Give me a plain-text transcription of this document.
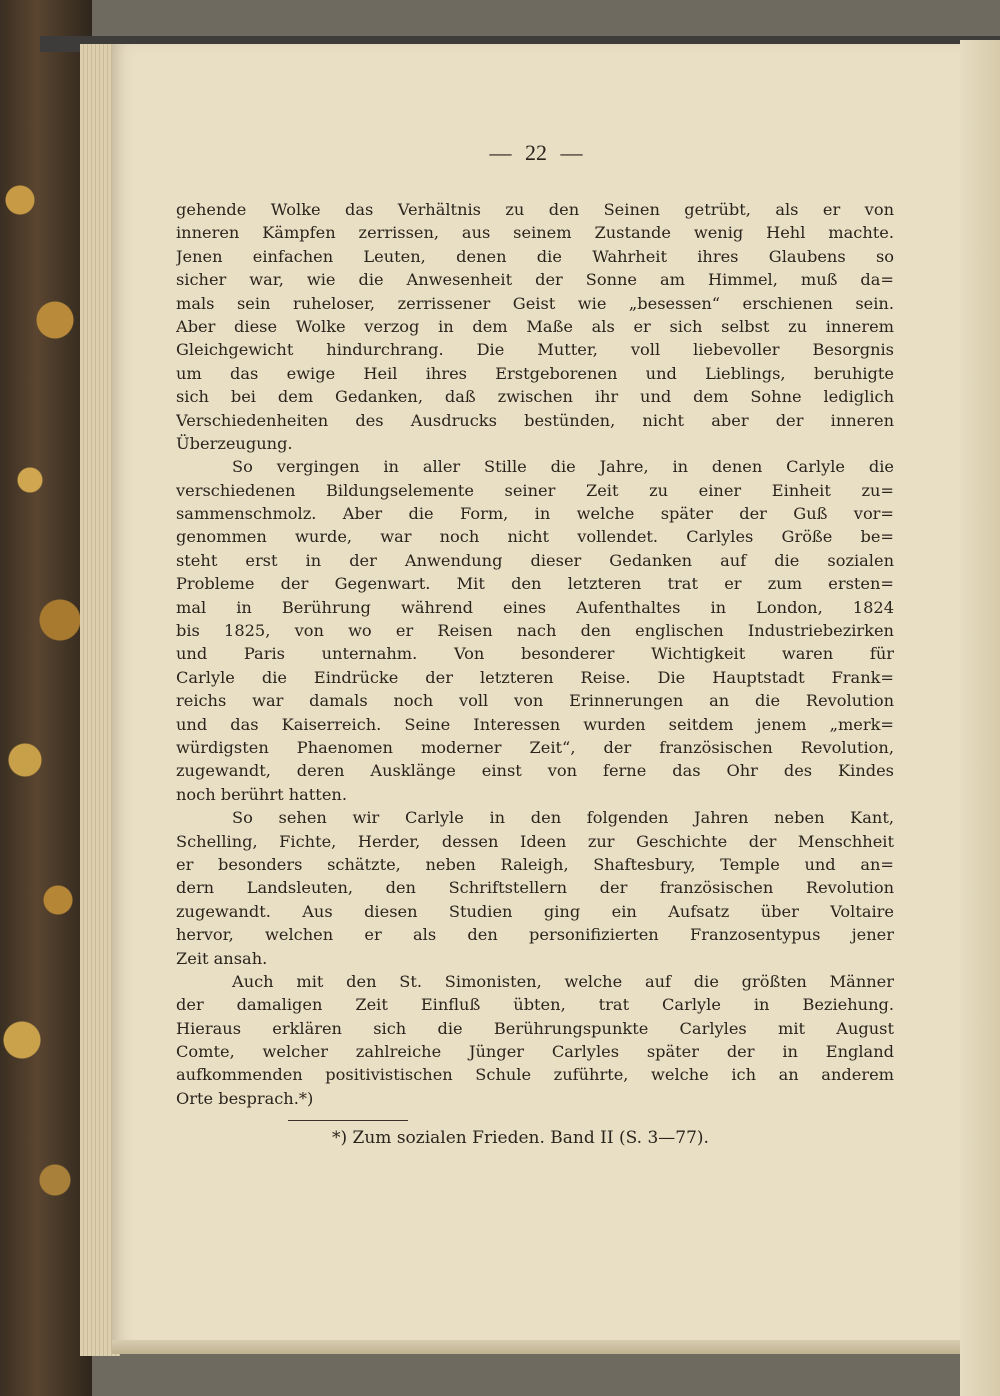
— 22 —
gehende Wolke das Verhältnis zu den Seinen getrübt, als er von
inneren Kämpfen zerrissen, aus seinem Zustande wenig Hehl machte.
Jenen einfachen Leuten, denen die Wahrheit ihres Glaubens so
sicher war, wie die Anwesenheit der Sonne am Himmel, muß da=
mals sein ruheloser, zerrissener Geist wie „besessen“ erschienen sein.
Aber diese Wolke verzog in dem Maße als er sich selbst zu innerem
Gleichgewicht hindurchrang. Die Mutter, voll liebevoller Besorgnis
um das ewige Heil ihres Erstgeborenen und Lieblings, beruhigte
sich bei dem Gedanken, daß zwischen ihr und dem Sohne lediglich
Verschiedenheiten des Ausdrucks bestünden, nicht aber der inneren
Überzeugung.
So vergingen in aller Stille die Jahre, in denen Carlyle die
verschiedenen Bildungselemente seiner Zeit zu einer Einheit zu=
sammenschmolz. Aber die Form, in welche später der Guß vor=
genommen wurde, war noch nicht vollendet. Carlyles Größe be=
steht erst in der Anwendung dieser Gedanken auf die sozialen
Probleme der Gegenwart. Mit den letzteren trat er zum ersten=
mal in Berührung während eines Aufenthaltes in London, 1824
bis 1825, von wo er Reisen nach den englischen Industriebezirken
und Paris unternahm. Von besonderer Wichtigkeit waren für
Carlyle die Eindrücke der letzteren Reise. Die Hauptstadt Frank=
reichs war damals noch voll von Erinnerungen an die Revolution
und das Kaiserreich. Seine Interessen wurden seitdem jenem „merk=
würdigsten Phaenomen moderner Zeit“, der französischen Revolution,
zugewandt, deren Ausklänge einst von ferne das Ohr des Kindes
noch berührt hatten.
So sehen wir Carlyle in den folgenden Jahren neben Kant,
Schelling, Fichte, Herder, dessen Ideen zur Geschichte der Menschheit
er besonders schätzte, neben Raleigh, Shaftesbury, Temple und an=
dern Landsleuten, den Schriftstellern der französischen Revolution
zugewandt. Aus diesen Studien ging ein Aufsatz über Voltaire
hervor, welchen er als den personifizierten Franzosentypus jener
Zeit ansah.
Auch mit den St. Simonisten, welche auf die größten Männer
der damaligen Zeit Einfluß übten, trat Carlyle in Beziehung.
Hieraus erklären sich die Berührungspunkte Carlyles mit August
Comte, welcher zahlreiche Jünger Carlyles später der in England
aufkommenden positivistischen Schule zuführte, welche ich an anderem
Orte besprach.*)
*) Zum sozialen Frieden. Band II (S. 3—77).
